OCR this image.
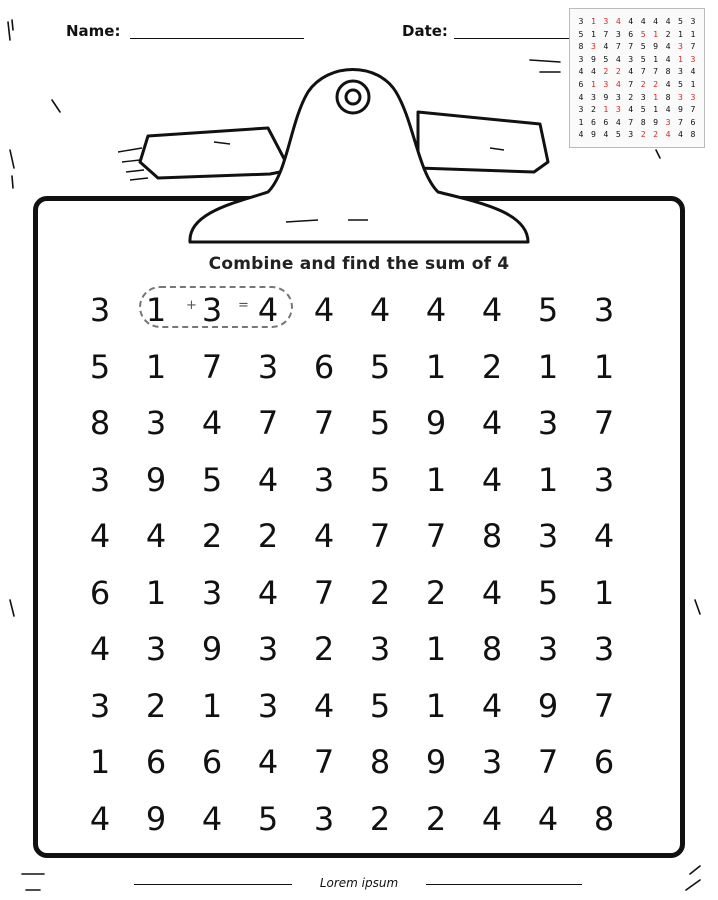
Name:	Date:
3 1 3 4 4 4 4 4 5 3
5 1 7 3 6 5 1 2 1 1
8 3 4 7 7 5 9 4 3 7
3 9 5 4 3 5 1 4 1 3
4 4 2 2 4 7 7 8 3 4
6 1 3 4 7 2 2 4 5 1
4 3 9 3 2 3 1 8 3 3
3 2 1 3 4 5 1 4 9 7
1 6 6 4 7 8 9 3 7 6
4 9 4 5 3 2 2 4 4 8
Combine and find the sum of 4
+	=
3	1	3	4	4	4	4	4	5	3
5	1	7	3	6	5	1	2	1	1
8	3	4	7	7	5	9	4	3	7
3	9	5	4	3	5	1	4	1	3
4	4	2	2	4	7	7	8	3	4
6	1	3	4	7	2	2	4	5	1
4	3	9	3	2	3	1	8	3	3
3	2	1	3	4	5	1	4	9	7
1	6	6	4	7	8	9	3	7	6
4	9	4	5	3	2	2	4	4	8
Lorem ipsum
